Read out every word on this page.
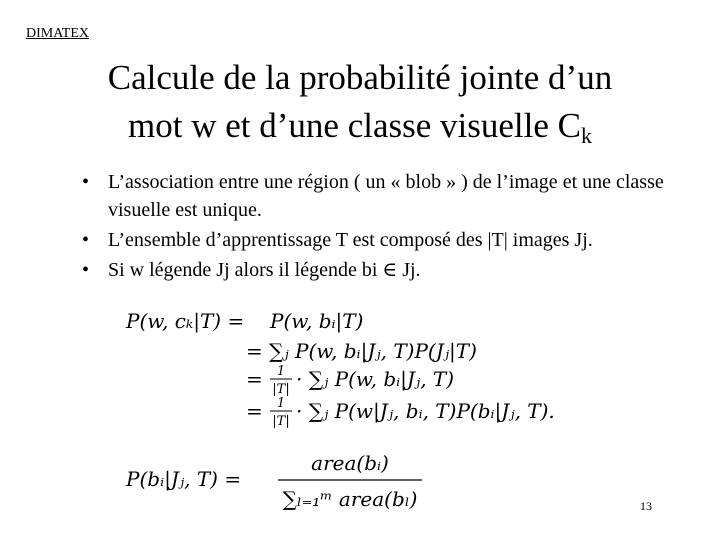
DIMATEX
Calcule de la probabilité jointe d’un
mot w et d’une classe visuelle $C_k$
• L’association entre une région ( un « blob » ) de l’image et une classe visuelle est unique.
• L’ensemble d’apprentissage T est composé des |T| images Jj.
• Si w légende Jj alors il légende bi ∈ Jj.
P(w, cₖ|T) = P(w, bᵢ|T)
= ∑ⱼ P(w, bᵢ|Jⱼ, T)P(Jⱼ|T)
= 1
|T| · ∑ⱼ P(w, bᵢ|Jⱼ, T)
= 1
|T| · ∑ⱼ P(w|Jⱼ, bᵢ, T)P(bᵢ|Jⱼ, T).
P(bᵢ|Jⱼ, T) =
area(bᵢ)
∑ₗ₌₁ᵐ area(bₗ)	13
